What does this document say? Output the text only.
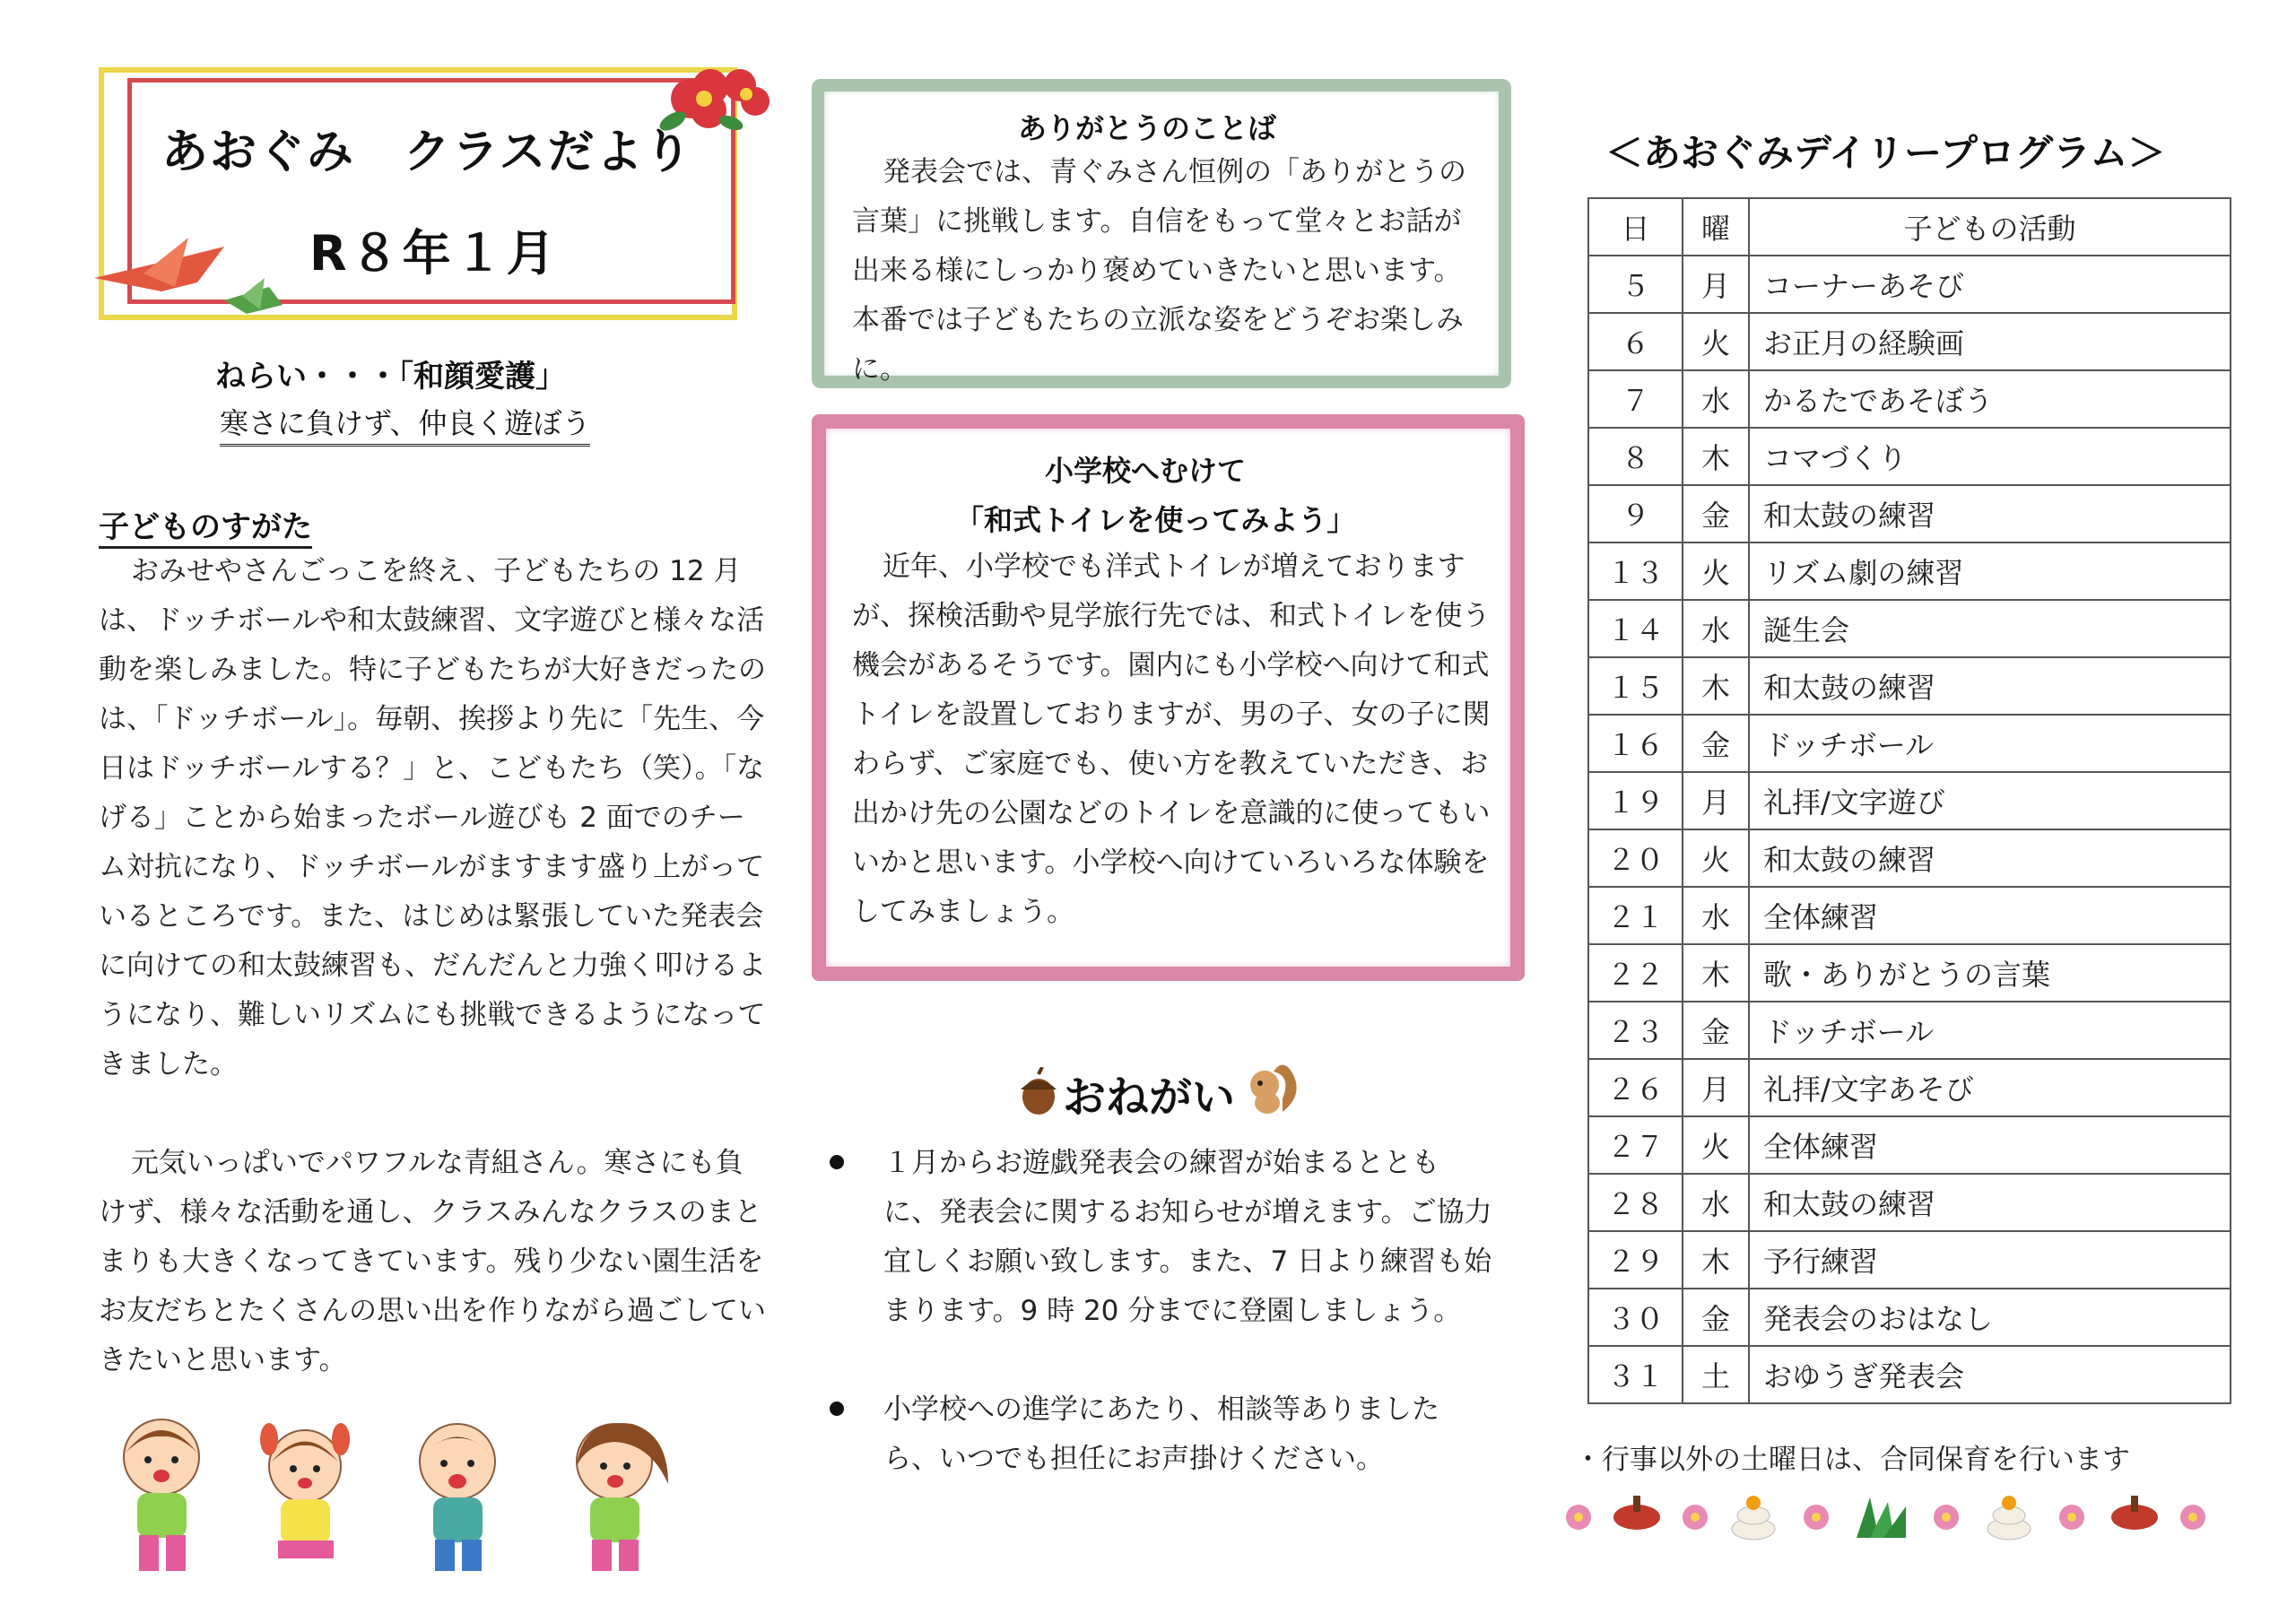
あおぐみ　クラスだより
R８年１月
ねらい・・・「和顔愛護」
寒さに負けず、仲良く遊ぼう
子どものすがた
おみせやさんごっこを終え、子どもたちの 12 月は、ドッチボールや和太鼓練習、文字遊びと様々な活動を楽しみました。特に子どもたちが大好きだったのは、「ドッチボール」。毎朝、挨拶より先に「先生、今日はドッチボールする？」と、こどもたち（笑）。「なげる」ことから始まったボール遊びも 2 面でのチーム対抗になり、ドッチボールがますます盛り上がっているところです。また、はじめは緊張していた発表会に向けての和太鼓練習も、だんだんと力強く叩けるようになり、難しいリズムにも挑戦できるようになってきました。
元気いっぱいでパワフルな青組さん。寒さにも負けず、様々な活動を通し、クラスみんなクラスのまとまりも大きくなってきています。残り少ない園生活をお友だちとたくさんの思い出を作りながら過ごしていきたいと思います。
ありがとうのことば
発表会では、青ぐみさん恒例の「ありがとうの言葉」に挑戦します。自信をもって堂々とお話が出来る様にしっかり褒めていきたいと思います。本番では子どもたちの立派な姿をどうぞお楽しみに。
小学校へむけて
「和式トイレを使ってみよう」
近年、小学校でも洋式トイレが増えておりますが、探検活動や見学旅行先では、和式トイレを使う機会があるそうです。園内にも小学校へ向けて和式トイレを設置しておりますが、男の子、女の子に関わらず、ご家庭でも、使い方を教えていただき、お出かけ先の公園などのトイレを意識的に使ってもいいかと思います。小学校へ向けていろいろな体験をしてみましょう。
おねがい
１月からお遊戯発表会の練習が始まるとともに、発表会に関するお知らせが増えます。ご協力宜しくお願い致します。また、7 日より練習も始まります。9 時 20 分までに登園しましょう。
小学校への進学にあたり、相談等ありましたら、いつでも担任にお声掛けください。
＜あおぐみデイリープログラム＞
日	曜	子どもの活動
５	月	コーナーあそび
６	火	お正月の経験画
７	水	かるたであそぼう
８	木	コマづくり
９	金	和太鼓の練習
１３	火	リズム劇の練習
１４	水	誕生会
１５	木	和太鼓の練習
１６	金	ドッチボール
１９	月	礼拝/文字遊び
２０	火	和太鼓の練習
２１	水	全体練習
２２	木	歌・ありがとうの言葉
２３	金	ドッチボール
２６	月	礼拝/文字あそび
２７	火	全体練習
２８	水	和太鼓の練習
２９	木	予行練習
３０	金	発表会のおはなし
３１	土	おゆうぎ発表会
・行事以外の土曜日は、合同保育を行います
